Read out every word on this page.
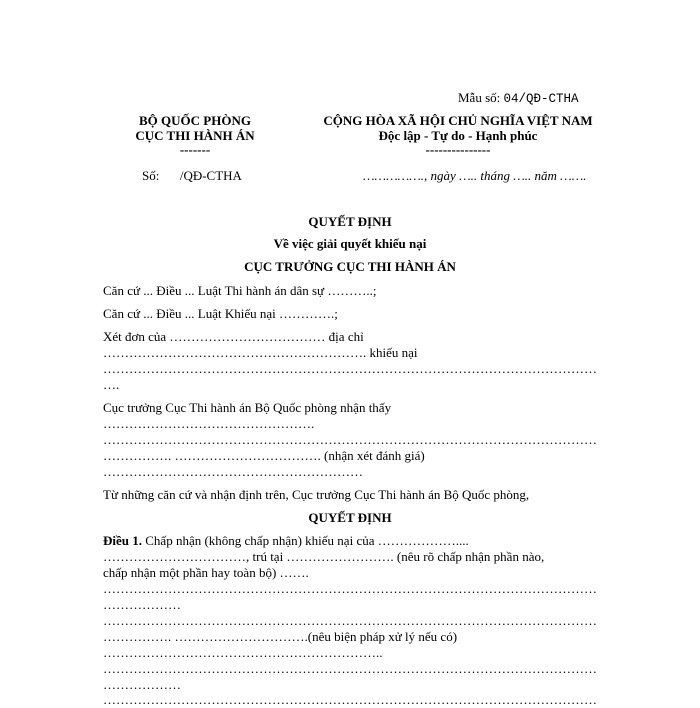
Mẫu số: 04/QĐ-CTHA
BỘ QUỐC PHÒNG
CỤC THI HÀNH ÁN
-------
CỘNG HÒA XÃ HỘI CHỦ NGHĨA VIỆT NAM
Độc lập - Tự do - Hạnh phúc
---------------
Số: /QĐ-CTHA	……………., ngày ….. tháng ….. năm …….
QUYẾT ĐỊNH
Về việc giải quyết khiếu nại
CỤC TRƯỞNG CỤC THI HÀNH ÁN
Căn cứ ... Điều ... Luật Thi hành án dân sự ………..;
Căn cứ ... Điều ... Luật Khiếu nại ………….;
Xét đơn của ……………………………… địa chỉ
……………………………………………………. khiếu nại
……………………………………………………………………………………………………
….
Cục trưởng Cục Thi hành án Bộ Quốc phòng nhận thấy
………………………………………….
……………………………………………………………………………………………………
……………. ……………………………. (nhận xét đánh giá)
……………………………………………………
Từ những căn cứ và nhận định trên, Cục trưởng Cục Thi hành án Bộ Quốc phòng,
QUYẾT ĐỊNH
Điều 1. Chấp nhận (không chấp nhận) khiếu nại của ………………....
……………………………, trú tại ……………………. (nêu rõ chấp nhận phần nào,
chấp nhận một phần hay toàn bộ) …….
……………………………………………………………………………………………………
………………
……………………………………………………………………………………………………
……………. ………………………….(nêu biện pháp xử lý nếu có)
………………………………………………………..
……………………………………………………………………………………………………
………………
……………………………………………………………………………………………………
